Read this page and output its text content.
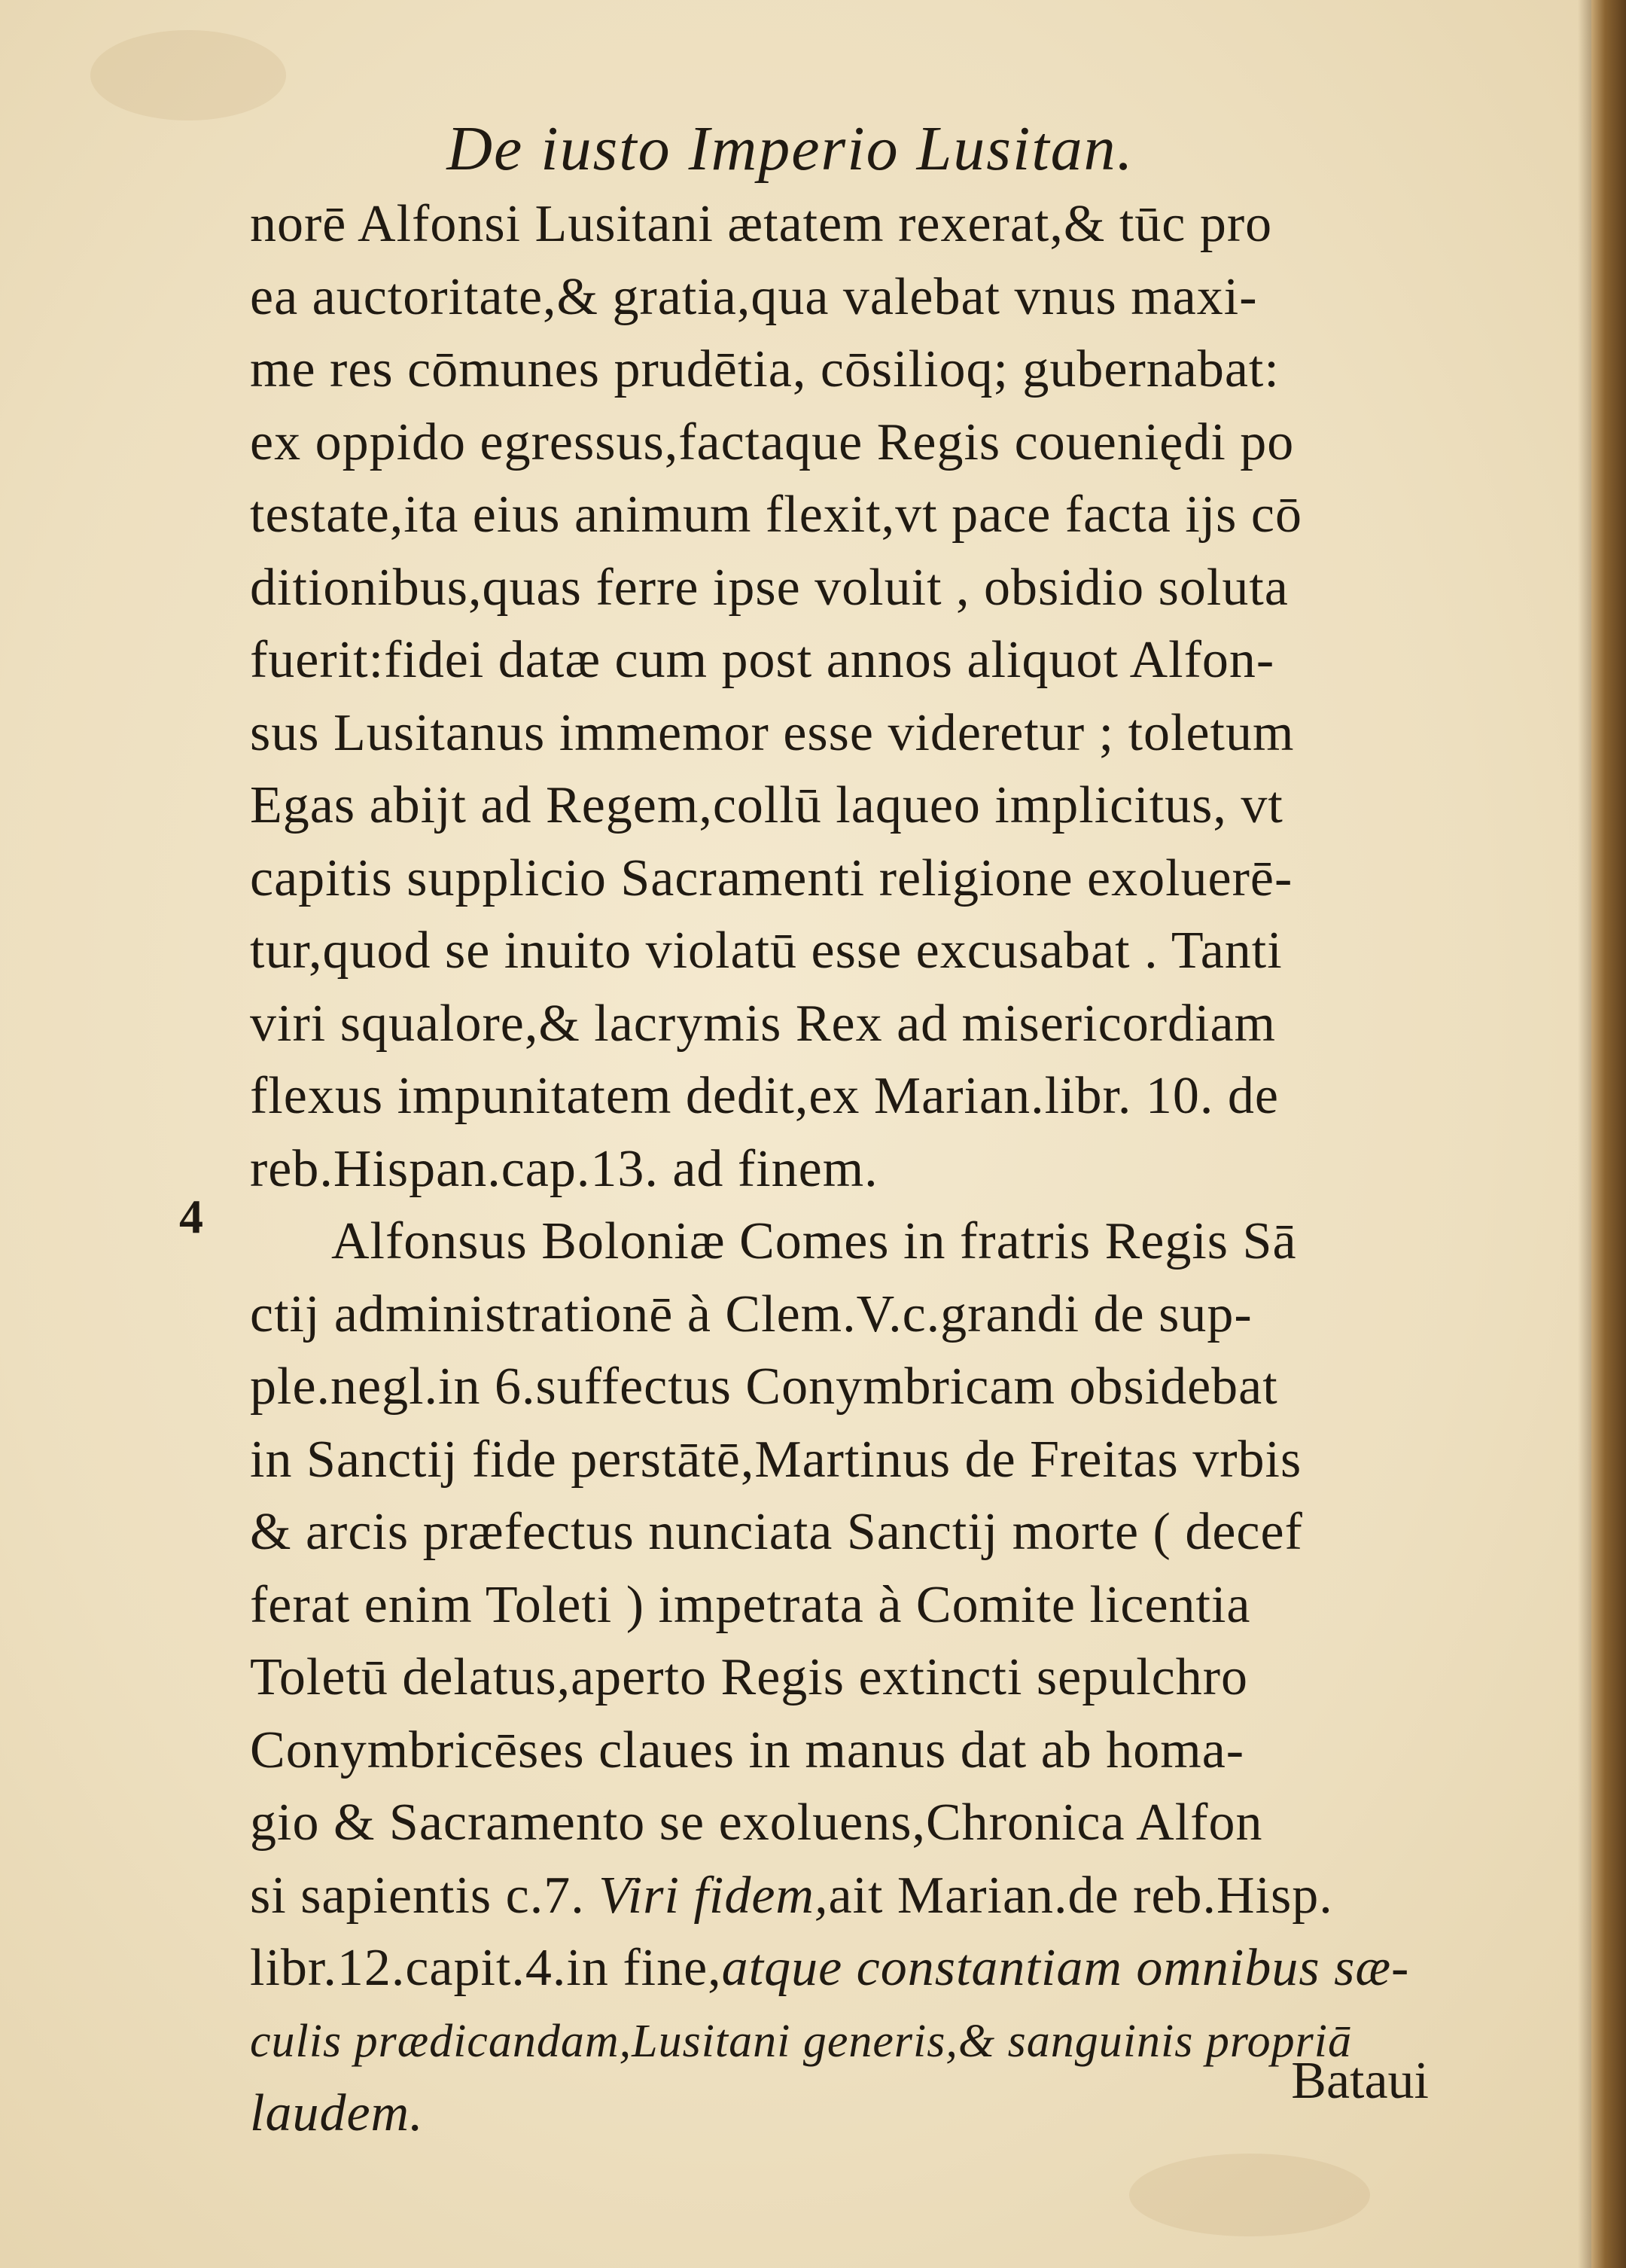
De iusto Imperio Lusitan.
4
norē Alfonsi Lusitani ætatem rexerat,& tūc pro
ea auctoritate,& gratia,qua valebat vnus maxi-
me res cōmunes prudētia, cōsilioq; gubernabat:
ex oppido egressus,factaque Regis coueniędi po
testate,ita eius animum flexit,vt pace facta ijs cō
ditionibus,quas ferre ipse voluit , obsidio soluta
fuerit:fidei datæ cum post annos aliquot Alfon-
sus Lusitanus immemor esse videretur ; toletum
Egas abijt ad Regem,collū laqueo implicitus, vt
capitis supplicio Sacramenti religione exoluerē-
tur,quod se inuito violatū esse excusabat . Tanti
viri squalore,& lacrymis Rex ad misericordiam
flexus impunitatem dedit,ex Marian.libr. 10. de
reb.Hispan.cap.13. ad finem.
Alfonsus Boloniæ Comes in fratris Regis Sā
ctij administrationē à Clem.V.c.grandi de sup-
ple.negl.in 6.suffectus Conymbricam obsidebat
in Sanctij fide perstātē,Martinus de Freitas vrbis
& arcis præfectus nunciata Sanctij morte ( decef
ferat enim Toleti ) impetrata à Comite licentia
Toletū delatus,aperto Regis extincti sepulchro
Conymbricēses claues in manus dat ab homa-
gio & Sacramento se exoluens,Chronica Alfon
si sapientis c.7. Viri fidem,ait Marian.de reb.Hisp.
libr.12.capit.4.in fine,atque constantiam omnibus sæ-
culis prædicandam,Lusitani generis,& sanguinis propriā
laudem.
Bataui
